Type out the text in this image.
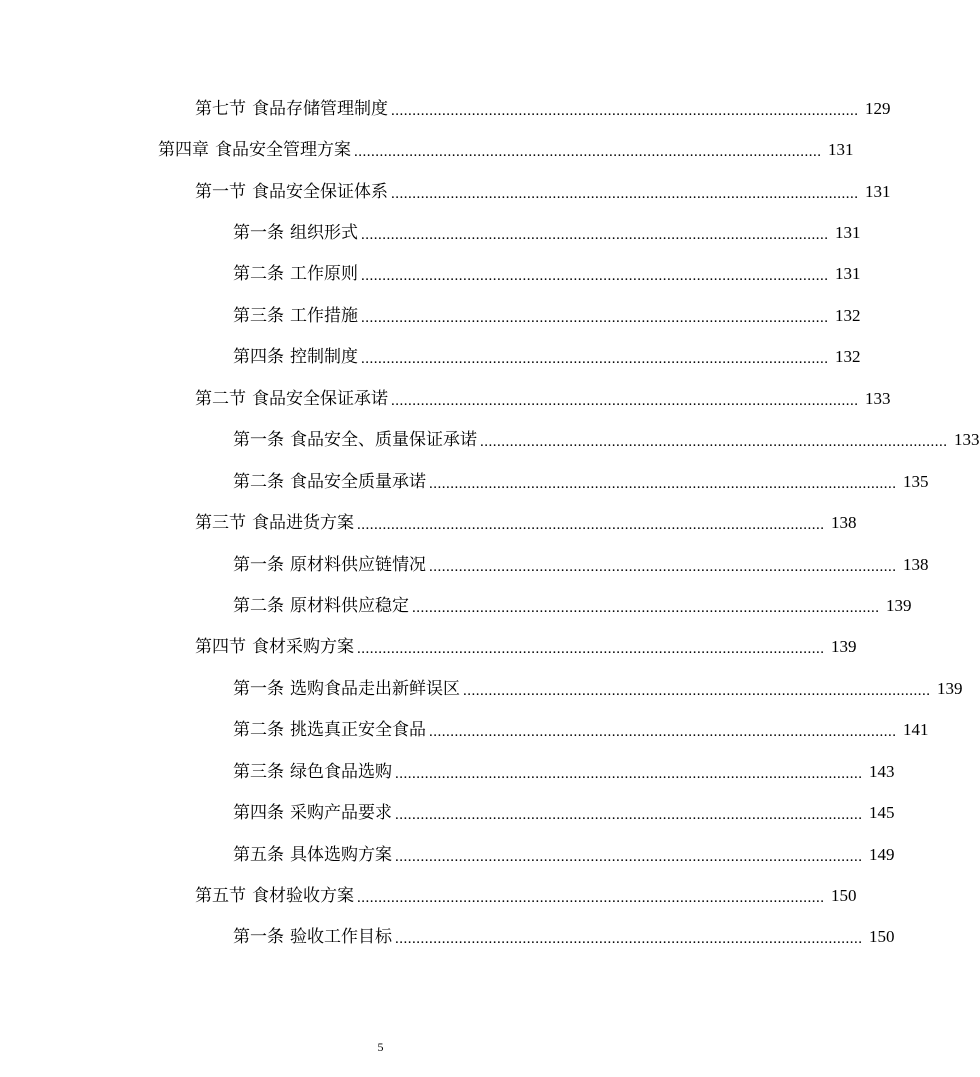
第七节 食品存储管理制度 .............................................................................................................. 129
第四章 食品安全管理方案 .............................................................................................................. 131
第一节 食品安全保证体系 .............................................................................................................. 131
第一条 组织形式 .............................................................................................................. 131
第二条 工作原则 .............................................................................................................. 131
第三条 工作措施 .............................................................................................................. 132
第四条 控制制度 .............................................................................................................. 132
第二节 食品安全保证承诺 .............................................................................................................. 133
第一条 食品安全、质量保证承诺 .............................................................................................................. 133
第二条 食品安全质量承诺 .............................................................................................................. 135
第三节 食品进货方案 .............................................................................................................. 138
第一条 原材料供应链情况 .............................................................................................................. 138
第二条 原材料供应稳定 .............................................................................................................. 139
第四节 食材采购方案 .............................................................................................................. 139
第一条 选购食品走出新鲜误区 .............................................................................................................. 139
第二条 挑选真正安全食品 .............................................................................................................. 141
第三条 绿色食品选购 .............................................................................................................. 143
第四条 采购产品要求 .............................................................................................................. 145
第五条 具体选购方案 .............................................................................................................. 149
第五节 食材验收方案 .............................................................................................................. 150
第一条 验收工作目标 .............................................................................................................. 150
5
